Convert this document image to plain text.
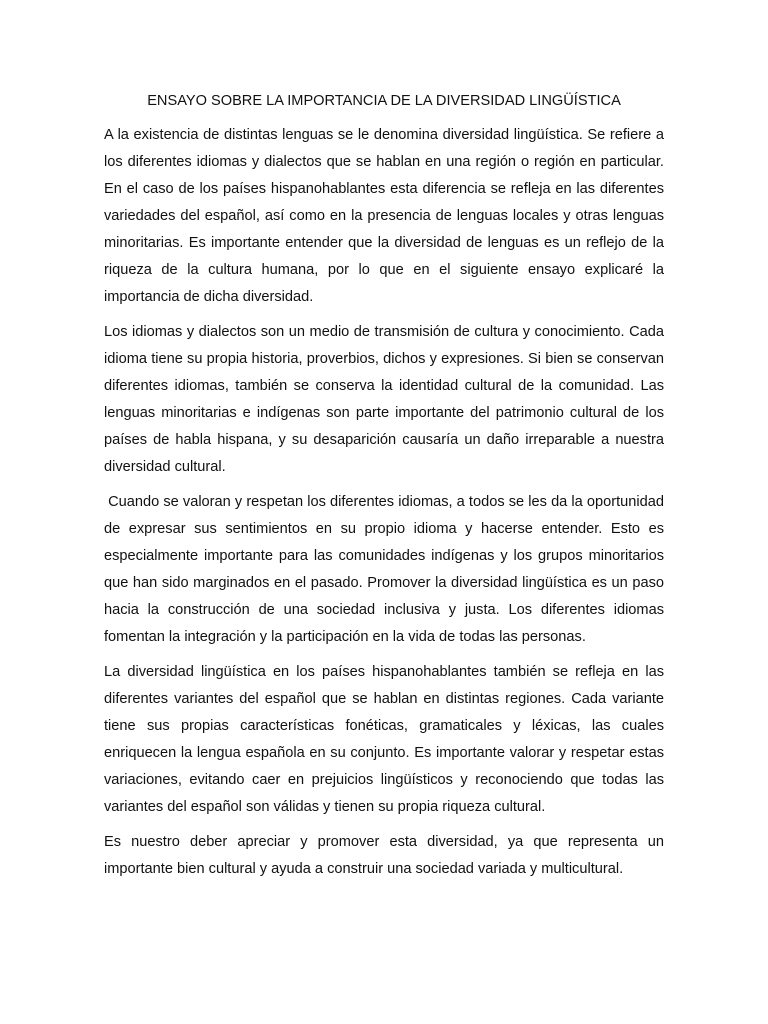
ENSAYO SOBRE LA IMPORTANCIA DE LA DIVERSIDAD LINGÜÍSTICA

A la existencia de distintas lenguas se le denomina diversidad lingüística. Se refiere a los diferentes idiomas y dialectos que se hablan en una región o región en particular. En el caso de los países hispanohablantes esta diferencia se refleja en las diferentes variedades del español, así como en la presencia de lenguas locales y otras lenguas minoritarias. Es importante entender que la diversidad de lenguas es un reflejo de la riqueza de la cultura humana, por lo que en el siguiente ensayo explicaré la importancia de dicha diversidad.

Los idiomas y dialectos son un medio de transmisión de cultura y conocimiento. Cada idioma tiene su propia historia, proverbios, dichos y expresiones. Si bien se conservan diferentes idiomas, también se conserva la identidad cultural de la comunidad. Las lenguas minoritarias e indígenas son parte importante del patrimonio cultural de los países de habla hispana, y su desaparición causaría un daño irreparable a nuestra diversidad cultural.

Cuando se valoran y respetan los diferentes idiomas, a todos se les da la oportunidad de expresar sus sentimientos en su propio idioma y hacerse entender. Esto es especialmente importante para las comunidades indígenas y los grupos minoritarios que han sido marginados en el pasado. Promover la diversidad lingüística es un paso hacia la construcción de una sociedad inclusiva y justa. Los diferentes idiomas fomentan la integración y la participación en la vida de todas las personas.

La diversidad lingüística en los países hispanohablantes también se refleja en las diferentes variantes del español que se hablan en distintas regiones. Cada variante tiene sus propias características fonéticas, gramaticales y léxicas, las cuales enriquecen la lengua española en su conjunto. Es importante valorar y respetar estas variaciones, evitando caer en prejuicios lingüísticos y reconociendo que todas las variantes del español son válidas y tienen su propia riqueza cultural.

Es nuestro deber apreciar y promover esta diversidad, ya que representa un importante bien cultural y ayuda a construir una sociedad variada y multicultural.
